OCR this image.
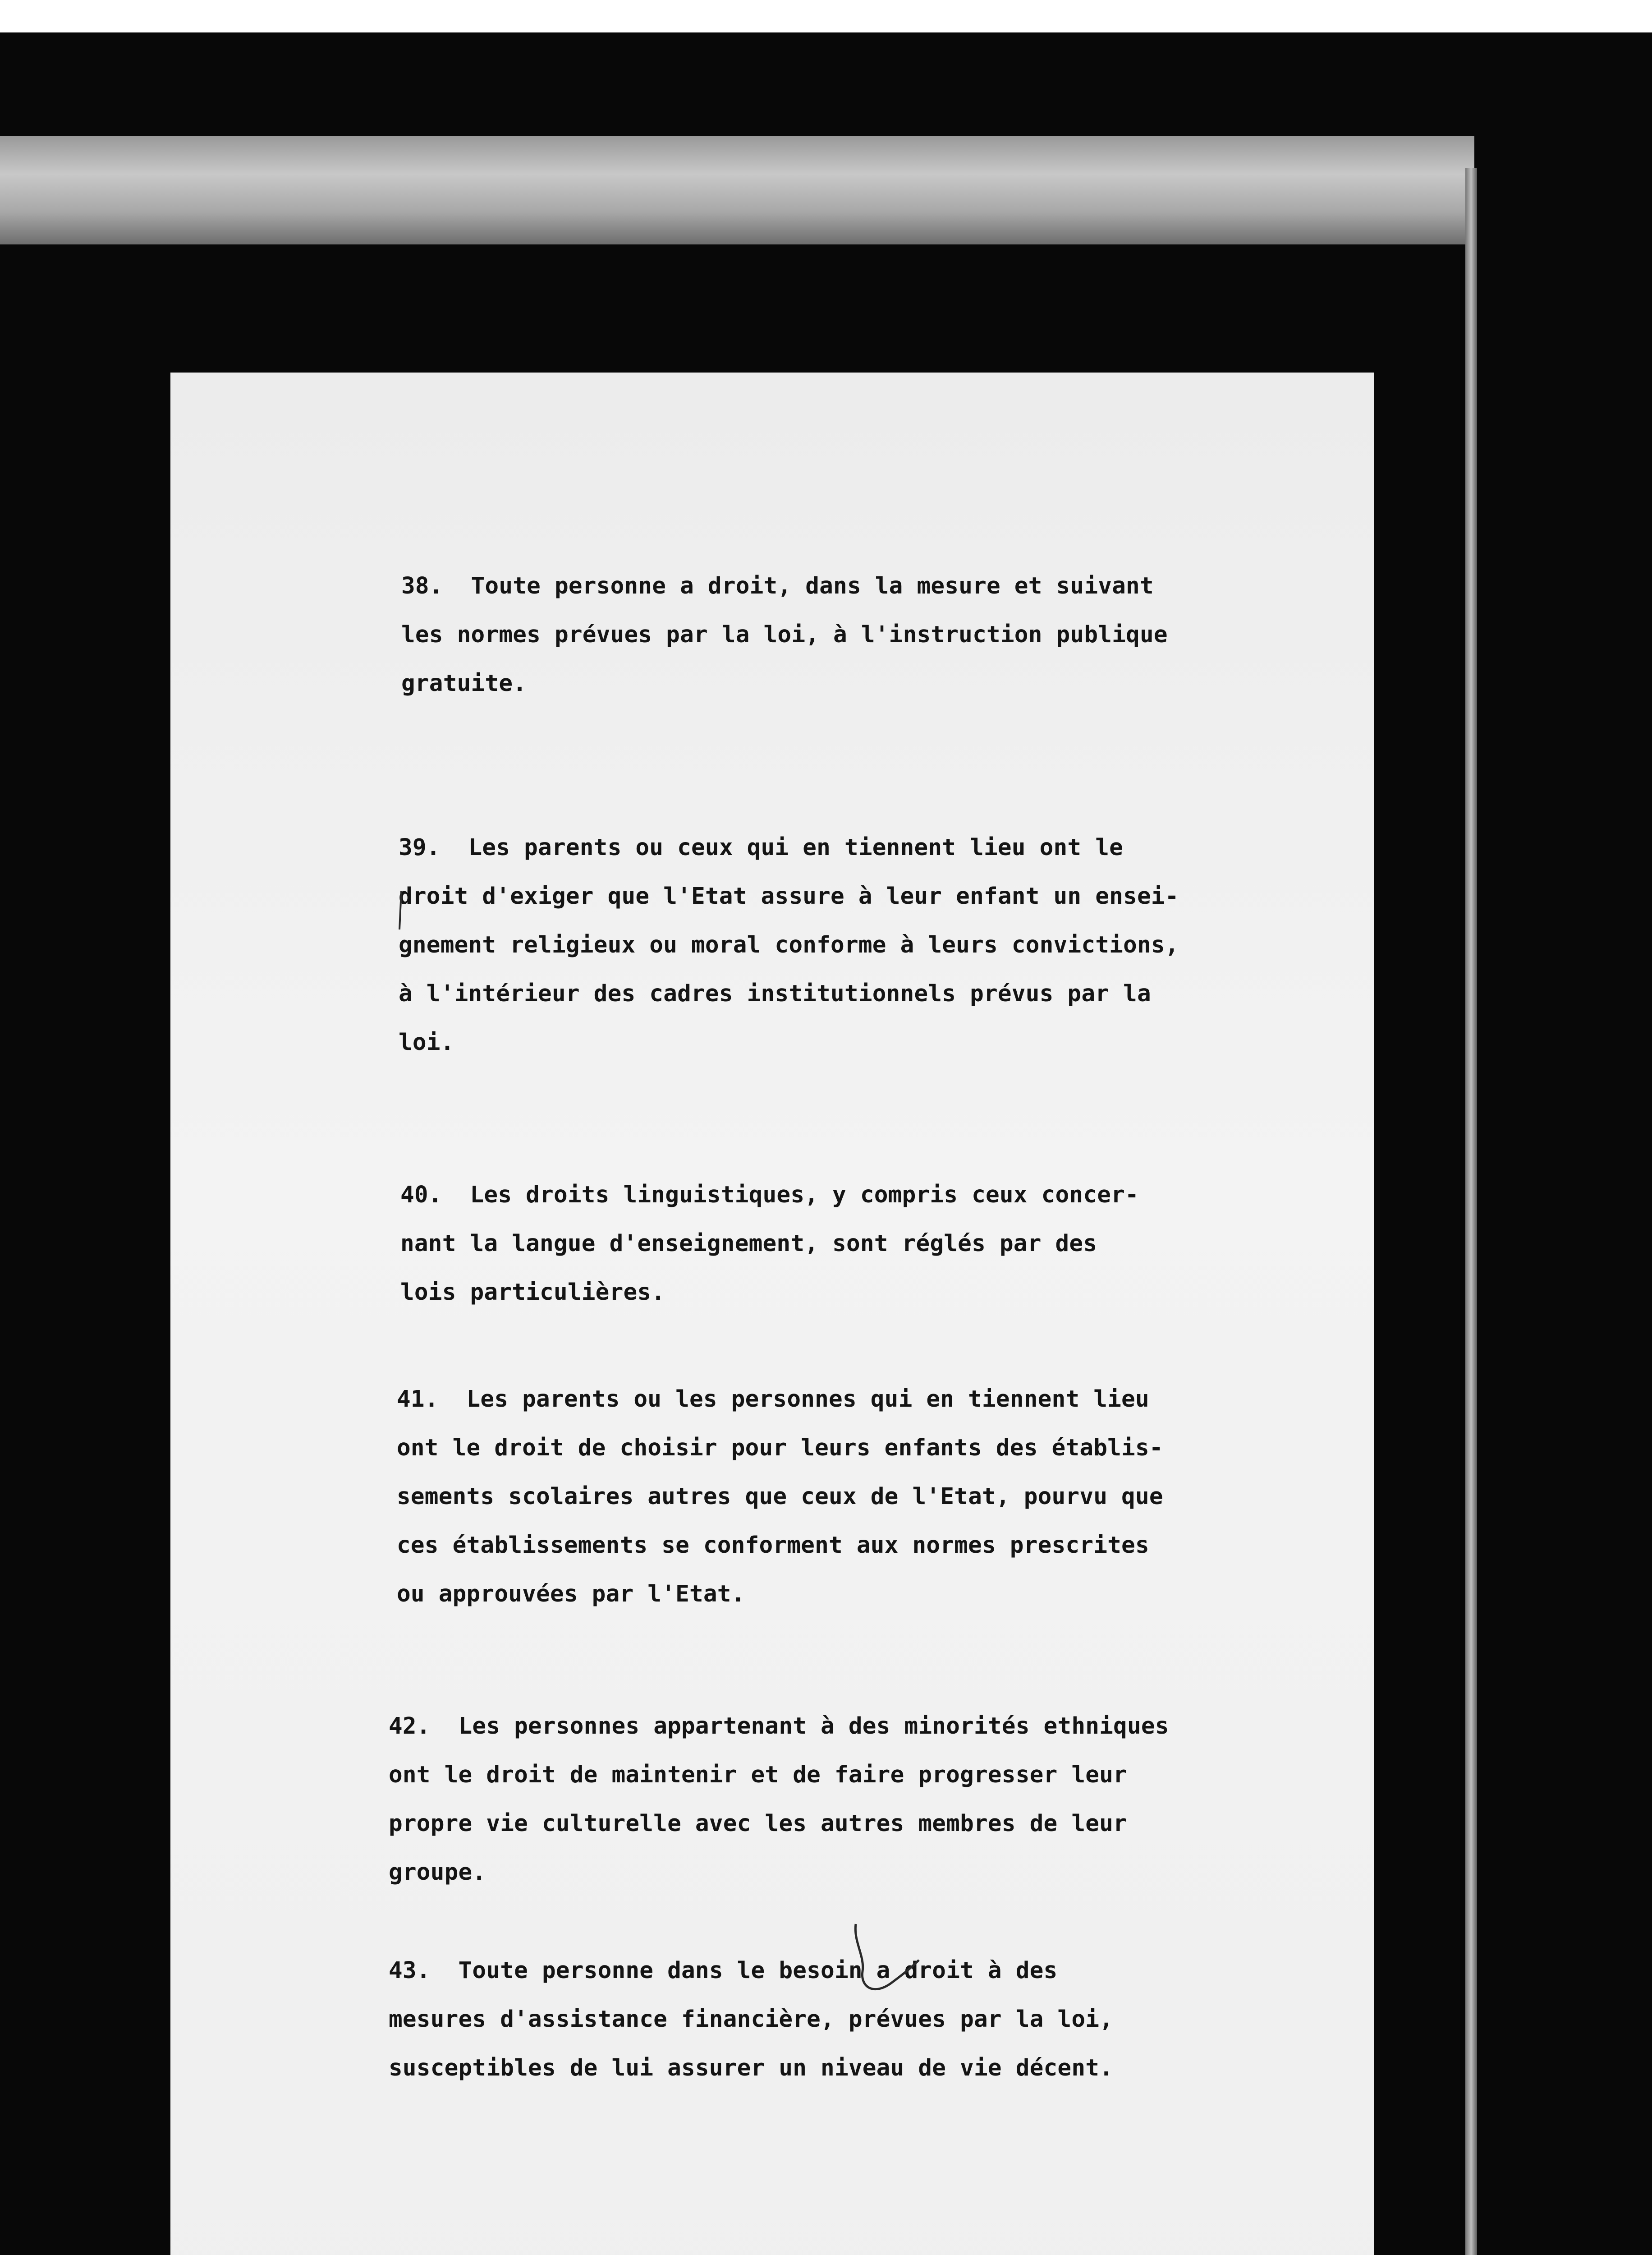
38. Toute personne a droit, dans la mesure et suivant
les normes prévues par la loi, à l'instruction publique
gratuite.

39. Les parents ou ceux qui en tiennent lieu ont le
droit d'exiger que l'Etat assure à leur enfant un ensei-
gnement religieux ou moral conforme à leurs convictions,
à l'intérieur des cadres institutionnels prévus par la
loi.

40. Les droits linguistiques, y compris ceux concer-
nant la langue d'enseignement, sont réglés par des
lois particulières.

41. Les parents ou les personnes qui en tiennent lieu
ont le droit de choisir pour leurs enfants des établis-
sements scolaires autres que ceux de l'Etat, pourvu que
ces établissements se conforment aux normes prescrites
ou approuvées par l'Etat.

42. Les personnes appartenant à des minorités ethniques
ont le droit de maintenir et de faire progresser leur
propre vie culturelle avec les autres membres de leur
groupe.

43. Toute personne dans le besoin a droit à des
mesures d'assistance financière, prévues par la loi,
susceptibles de lui assurer un niveau de vie décent.
